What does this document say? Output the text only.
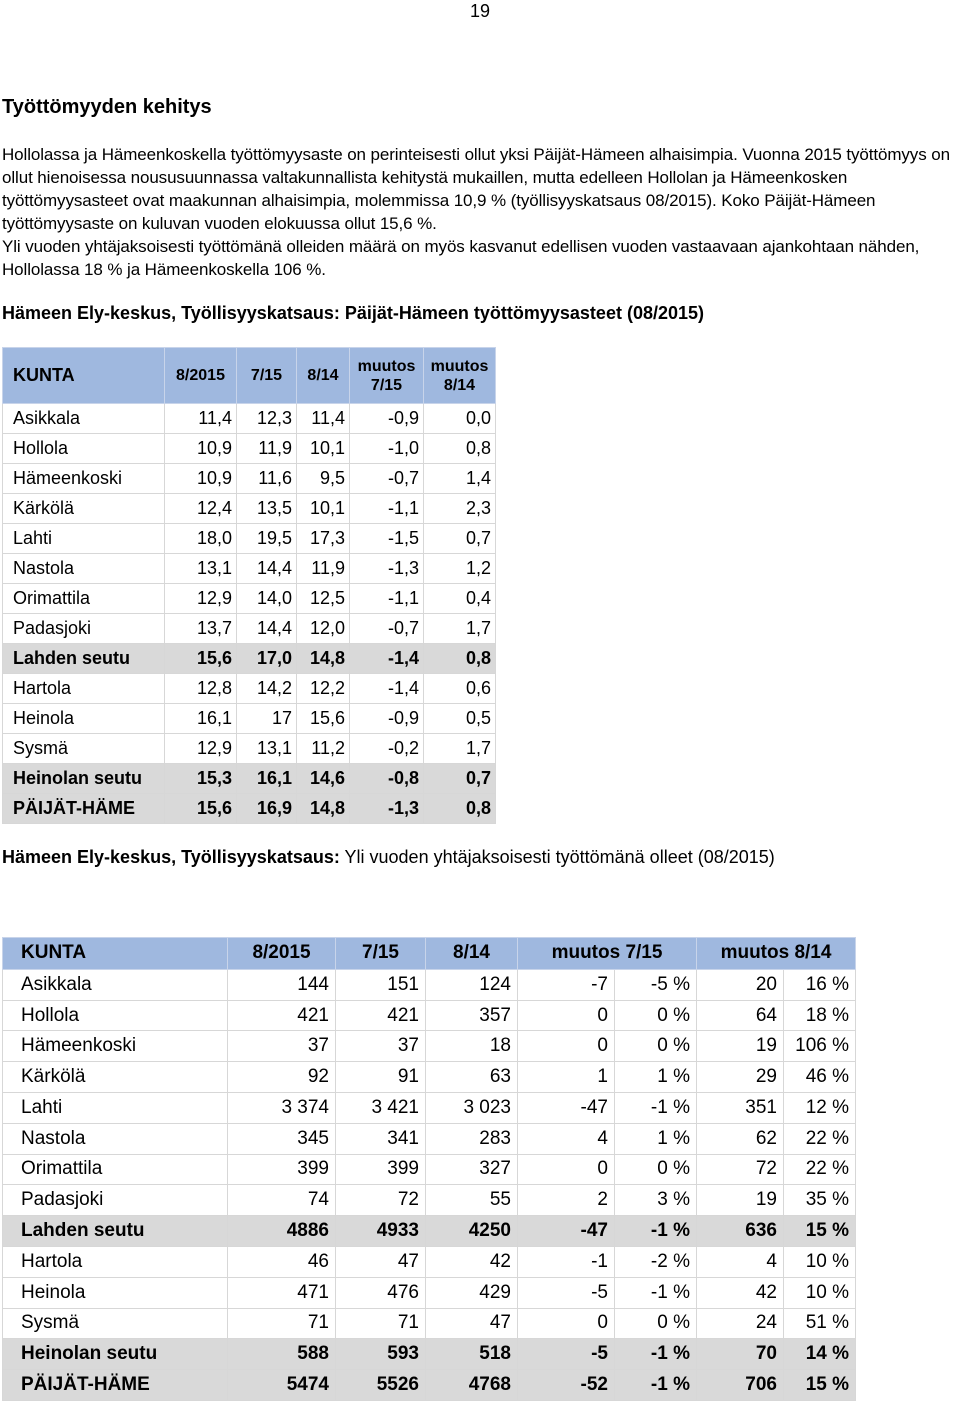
19
Työttömyyden kehitys

Hollolassa ja Hämeenkoskella työttömyysaste on perinteisesti ollut yksi Päijät-Hämeen alhaisimpia. Vuonna 2015 työttömyys on ollut hienoisessa noususuunnassa valtakunnallista kehitystä mukaillen, mutta edelleen Hollolan ja Hämeenkosken työttömyysasteet ovat maakunnan alhaisimpia, molemmissa 10,9 % (työllisyyskatsaus 08/2015). Koko Päijät-Hämeen työttömyysaste on kuluvan vuoden elokuussa ollut 15,6 %.

Yli vuoden yhtäjaksoisesti työttömänä olleiden määrä on myös kasvanut edellisen vuoden vastaavaan ajankohtaan nähden, Hollolassa 18 % ja Hämeenkoskella 106 %.

Hämeen Ely-keskus, Työllisyyskatsaus: Päijät-Hämeen työttömyysasteet (08/2015)

KUNTA	8/2015	7/15	8/14	muutos 7/15	muutos 8/14
Asikkala	11,4	12,3	11,4	-0,9	0,0
Hollola	10,9	11,9	10,1	-1,0	0,8
Hämeenkoski	10,9	11,6	9,5	-0,7	1,4
Kärkölä	12,4	13,5	10,1	-1,1	2,3
Lahti	18,0	19,5	17,3	-1,5	0,7
Nastola	13,1	14,4	11,9	-1,3	1,2
Orimattila	12,9	14,0	12,5	-1,1	0,4
Padasjoki	13,7	14,4	12,0	-0,7	1,7
Lahden seutu	15,6	17,0	14,8	-1,4	0,8
Hartola	12,8	14,2	12,2	-1,4	0,6
Heinola	16,1	17	15,6	-0,9	0,5
Sysmä	12,9	13,1	11,2	-0,2	1,7
Heinolan seutu	15,3	16,1	14,6	-0,8	0,7
PÄIJÄT-HÄME	15,6	16,9	14,8	-1,3	0,8

Hämeen Ely-keskus, Työllisyyskatsaus: Yli vuoden yhtäjaksoisesti työttömänä olleet (08/2015)

KUNTA	8/2015	7/15	8/14	muutos 7/15		muutos 8/14	
Asikkala	144	151	124	-7	-5 %	20	16 %
Hollola	421	421	357	0	0 %	64	18 %
Hämeenkoski	37	37	18	0	0 %	19	106 %
Kärkölä	92	91	63	1	1 %	29	46 %
Lahti	3 374	3 421	3 023	-47	-1 %	351	12 %
Nastola	345	341	283	4	1 %	62	22 %
Orimattila	399	399	327	0	0 %	72	22 %
Padasjoki	74	72	55	2	3 %	19	35 %
Lahden seutu	4886	4933	4250	-47	-1 %	636	15 %
Hartola	46	47	42	-1	-2 %	4	10 %
Heinola	471	476	429	-5	-1 %	42	10 %
Sysmä	71	71	47	0	0 %	24	51 %
Heinolan seutu	588	593	518	-5	-1 %	70	14 %
PÄIJÄT-HÄME	5474	5526	4768	-52	-1 %	706	15 %
